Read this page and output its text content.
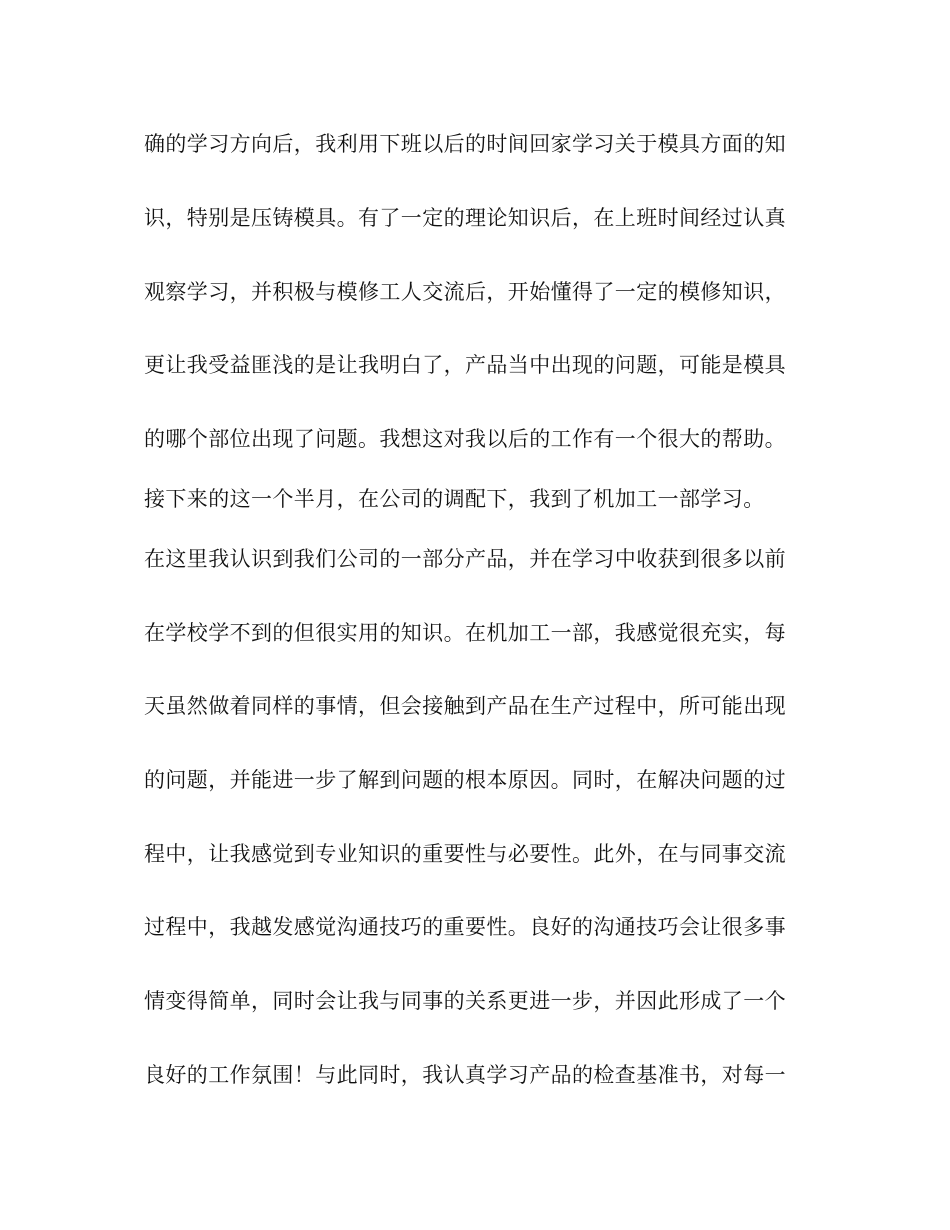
确的学习方向后，我利用下班以后的时间回家学习关于模具方面的知
识，特别是压铸模具。有了一定的理论知识后，在上班时间经过认真
观察学习，并积极与模修工人交流后，开始懂得了一定的模修知识，
更让我受益匪浅的是让我明白了，产品当中出现的问题，可能是模具
的哪个部位出现了问题。我想这对我以后的工作有一个很大的帮助。
接下来的这一个半月，在公司的调配下，我到了机加工一部学习。
在这里我认识到我们公司的一部分产品，并在学习中收获到很多以前
在学校学不到的但很实用的知识。在机加工一部，我感觉很充实，每
天虽然做着同样的事情，但会接触到产品在生产过程中，所可能出现
的问题，并能进一步了解到问题的根本原因。同时，在解决问题的过
程中，让我感觉到专业知识的重要性与必要性。此外，在与同事交流
过程中，我越发感觉沟通技巧的重要性。良好的沟通技巧会让很多事
情变得简单，同时会让我与同事的关系更进一步，并因此形成了一个
良好的工作氛围！与此同时，我认真学习产品的检查基准书，对每一
